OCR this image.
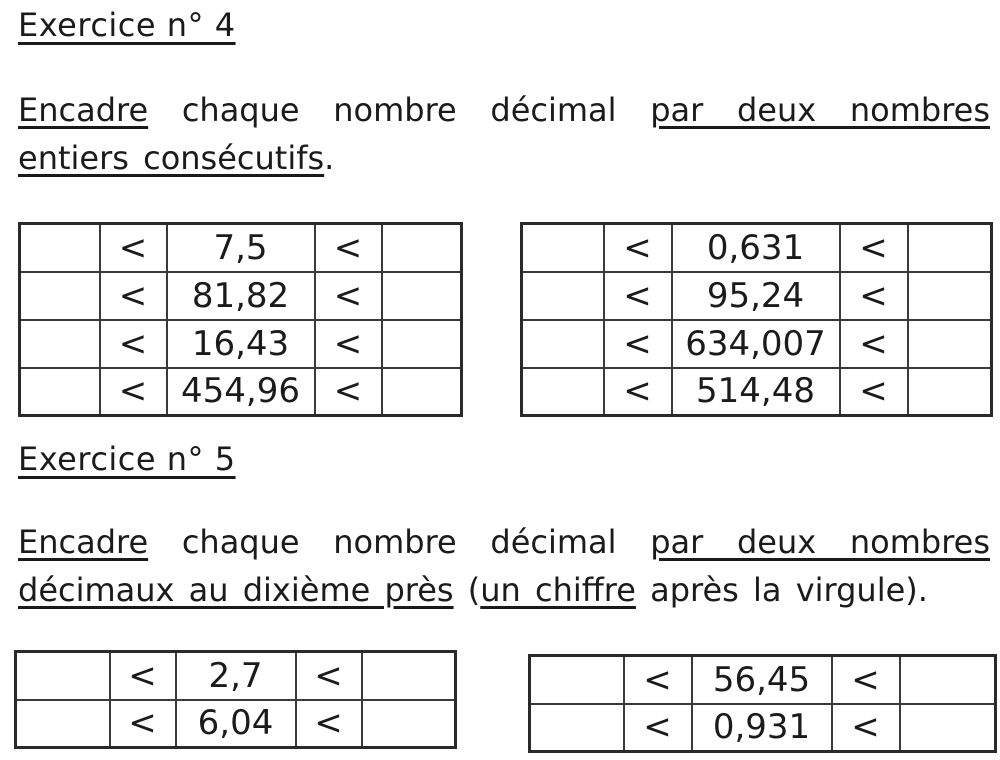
Exercice n° 4

Encadre chaque nombre décimal par deux nombres entiers consécutifs.

	<	7,5	<	
	<	81,82	<	
	<	16,43	<	
	<	454,96	<	
	<	0,631	<	
	<	95,24	<	
	<	634,007	<	
	<	514,48	<	
Exercice n° 5

Encadre chaque nombre décimal par deux nombres décimaux au dixième près (un chiffre après la virgule).

	<	2,7	<	
	<	6,04	<	
	<	56,45	<	
	<	0,931	<	
